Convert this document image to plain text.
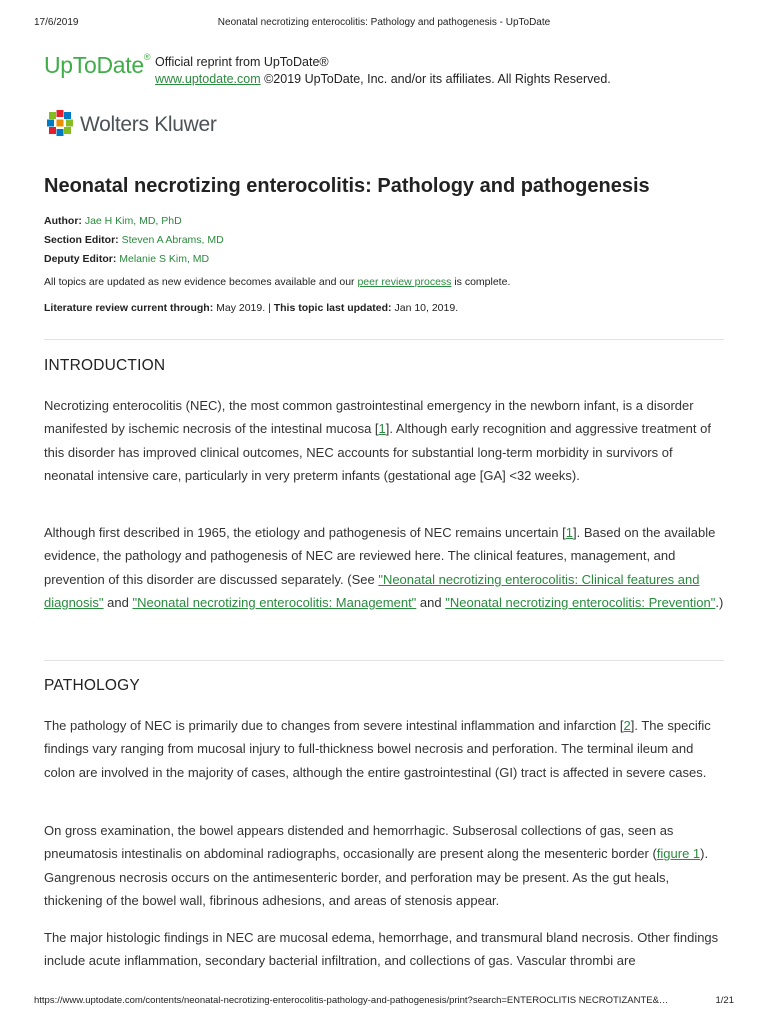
17/6/2019	Neonatal necrotizing enterocolitis: Pathology and pathogenesis - UpToDate
UpToDate® Official reprint from UpToDate®
www.uptodate.com ©2019 UpToDate, Inc. and/or its affiliates. All Rights Reserved.
Wolters Kluwer
Neonatal necrotizing enterocolitis: Pathology and pathogenesis
Author: Jae H Kim, MD, PhD
Section Editor: Steven A Abrams, MD
Deputy Editor: Melanie S Kim, MD
All topics are updated as new evidence becomes available and our peer review process is complete.
Literature review current through: May 2019. | This topic last updated: Jan 10, 2019.
INTRODUCTION

Necrotizing enterocolitis (NEC), the most common gastrointestinal emergency in the newborn infant, is a disorder manifested by ischemic necrosis of the intestinal mucosa [1]. Although early recognition and aggressive treatment of this disorder has improved clinical outcomes, NEC accounts for substantial long-term morbidity in survivors of neonatal intensive care, particularly in very preterm infants (gestational age [GA] <32 weeks).

Although first described in 1965, the etiology and pathogenesis of NEC remains uncertain [1]. Based on the available evidence, the pathology and pathogenesis of NEC are reviewed here. The clinical features, management, and prevention of this disorder are discussed separately. (See "Neonatal necrotizing enterocolitis: Clinical features and diagnosis" and "Neonatal necrotizing enterocolitis: Management" and "Neonatal necrotizing enterocolitis: Prevention".)

PATHOLOGY

The pathology of NEC is primarily due to changes from severe intestinal inflammation and infarction [2]. The specific findings vary ranging from mucosal injury to full-thickness bowel necrosis and perforation. The terminal ileum and colon are involved in the majority of cases, although the entire gastrointestinal (GI) tract is affected in severe cases.

On gross examination, the bowel appears distended and hemorrhagic. Subserosal collections of gas, seen as pneumatosis intestinalis on abdominal radiographs, occasionally are present along the mesenteric border (figure 1). Gangrenous necrosis occurs on the antimesenteric border, and perforation may be present. As the gut heals, thickening of the bowel wall, fibrinous adhesions, and areas of stenosis appear.

The major histologic findings in NEC are mucosal edema, hemorrhage, and transmural bland necrosis. Other findings include acute inflammation, secondary bacterial infiltration, and collections of gas. Vascular thrombi are

https://www.uptodate.com/contents/neonatal-necrotizing-enterocolitis-pathology-and-pathogenesis/print?search=ENTEROCLITIS NECROTIZANTE&…	1/21
